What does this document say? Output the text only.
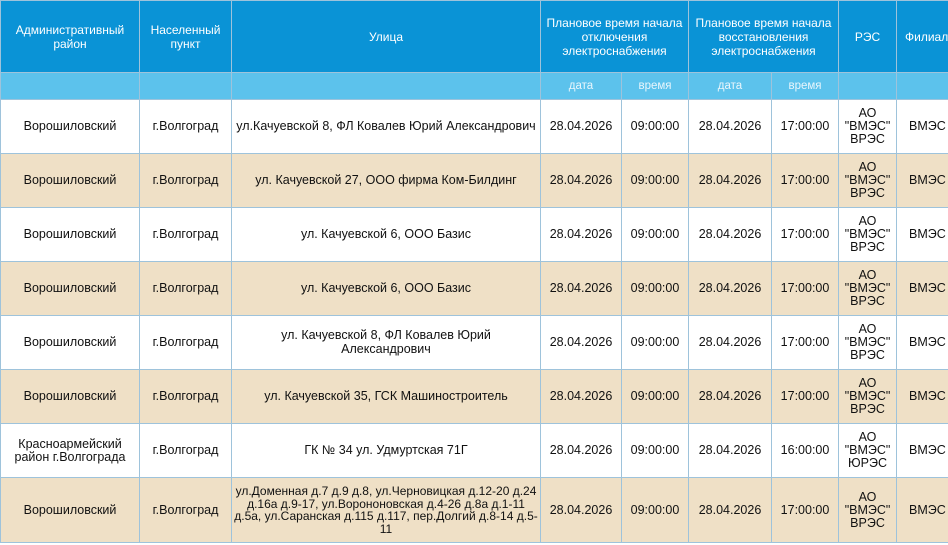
Административный район	Населенный пункт	Улица	Плановое время начала отключения электроснабжения		Плановое время начала восстановления электроснабжения		РЭС	Филиал
			дата	время	дата	время		
Ворошиловский	г.Волгоград	ул.Качуевской 8, ФЛ Ковалев Юрий Александрович	28.04.2026	09:00:00	28.04.2026	17:00:00	АО "ВМЭС" ВРЭС	ВМЭС
Ворошиловский	г.Волгоград	ул. Качуевской 27, ООО фирма Ком-Билдинг	28.04.2026	09:00:00	28.04.2026	17:00:00	АО "ВМЭС" ВРЭС	ВМЭС
Ворошиловский	г.Волгоград	ул. Качуевской 6, ООО Базис	28.04.2026	09:00:00	28.04.2026	17:00:00	АО "ВМЭС" ВРЭС	ВМЭС
Ворошиловский	г.Волгоград	ул. Качуевской 6, ООО Базис	28.04.2026	09:00:00	28.04.2026	17:00:00	АО "ВМЭС" ВРЭС	ВМЭС
Ворошиловский	г.Волгоград	ул. Качуевской 8, ФЛ Ковалев Юрий Александрович	28.04.2026	09:00:00	28.04.2026	17:00:00	АО "ВМЭС" ВРЭС	ВМЭС
Ворошиловский	г.Волгоград	ул. Качуевской 35, ГСК Машиностроитель	28.04.2026	09:00:00	28.04.2026	17:00:00	АО "ВМЭС" ВРЭС	ВМЭС
Красноармейский район г.Волгограда	г.Волгоград	ГК № 34 ул. Удмуртская 71Г	28.04.2026	09:00:00	28.04.2026	16:00:00	АО "ВМЭС" ЮРЭС	ВМЭС
Ворошиловский	г.Волгоград	ул.Доменная д.7 д.9 д.8, ул.Черновицкая д.12-20 д.24 д.16а д.9-17, ул.Ворононовская д.4-26 д.8а д.1-11 д.5а, ул.Саранская д.115 д.117, пер.Долгий д.8-14 д.5-11	28.04.2026	09:00:00	28.04.2026	17:00:00	АО "ВМЭС" ВРЭС	ВМЭС
